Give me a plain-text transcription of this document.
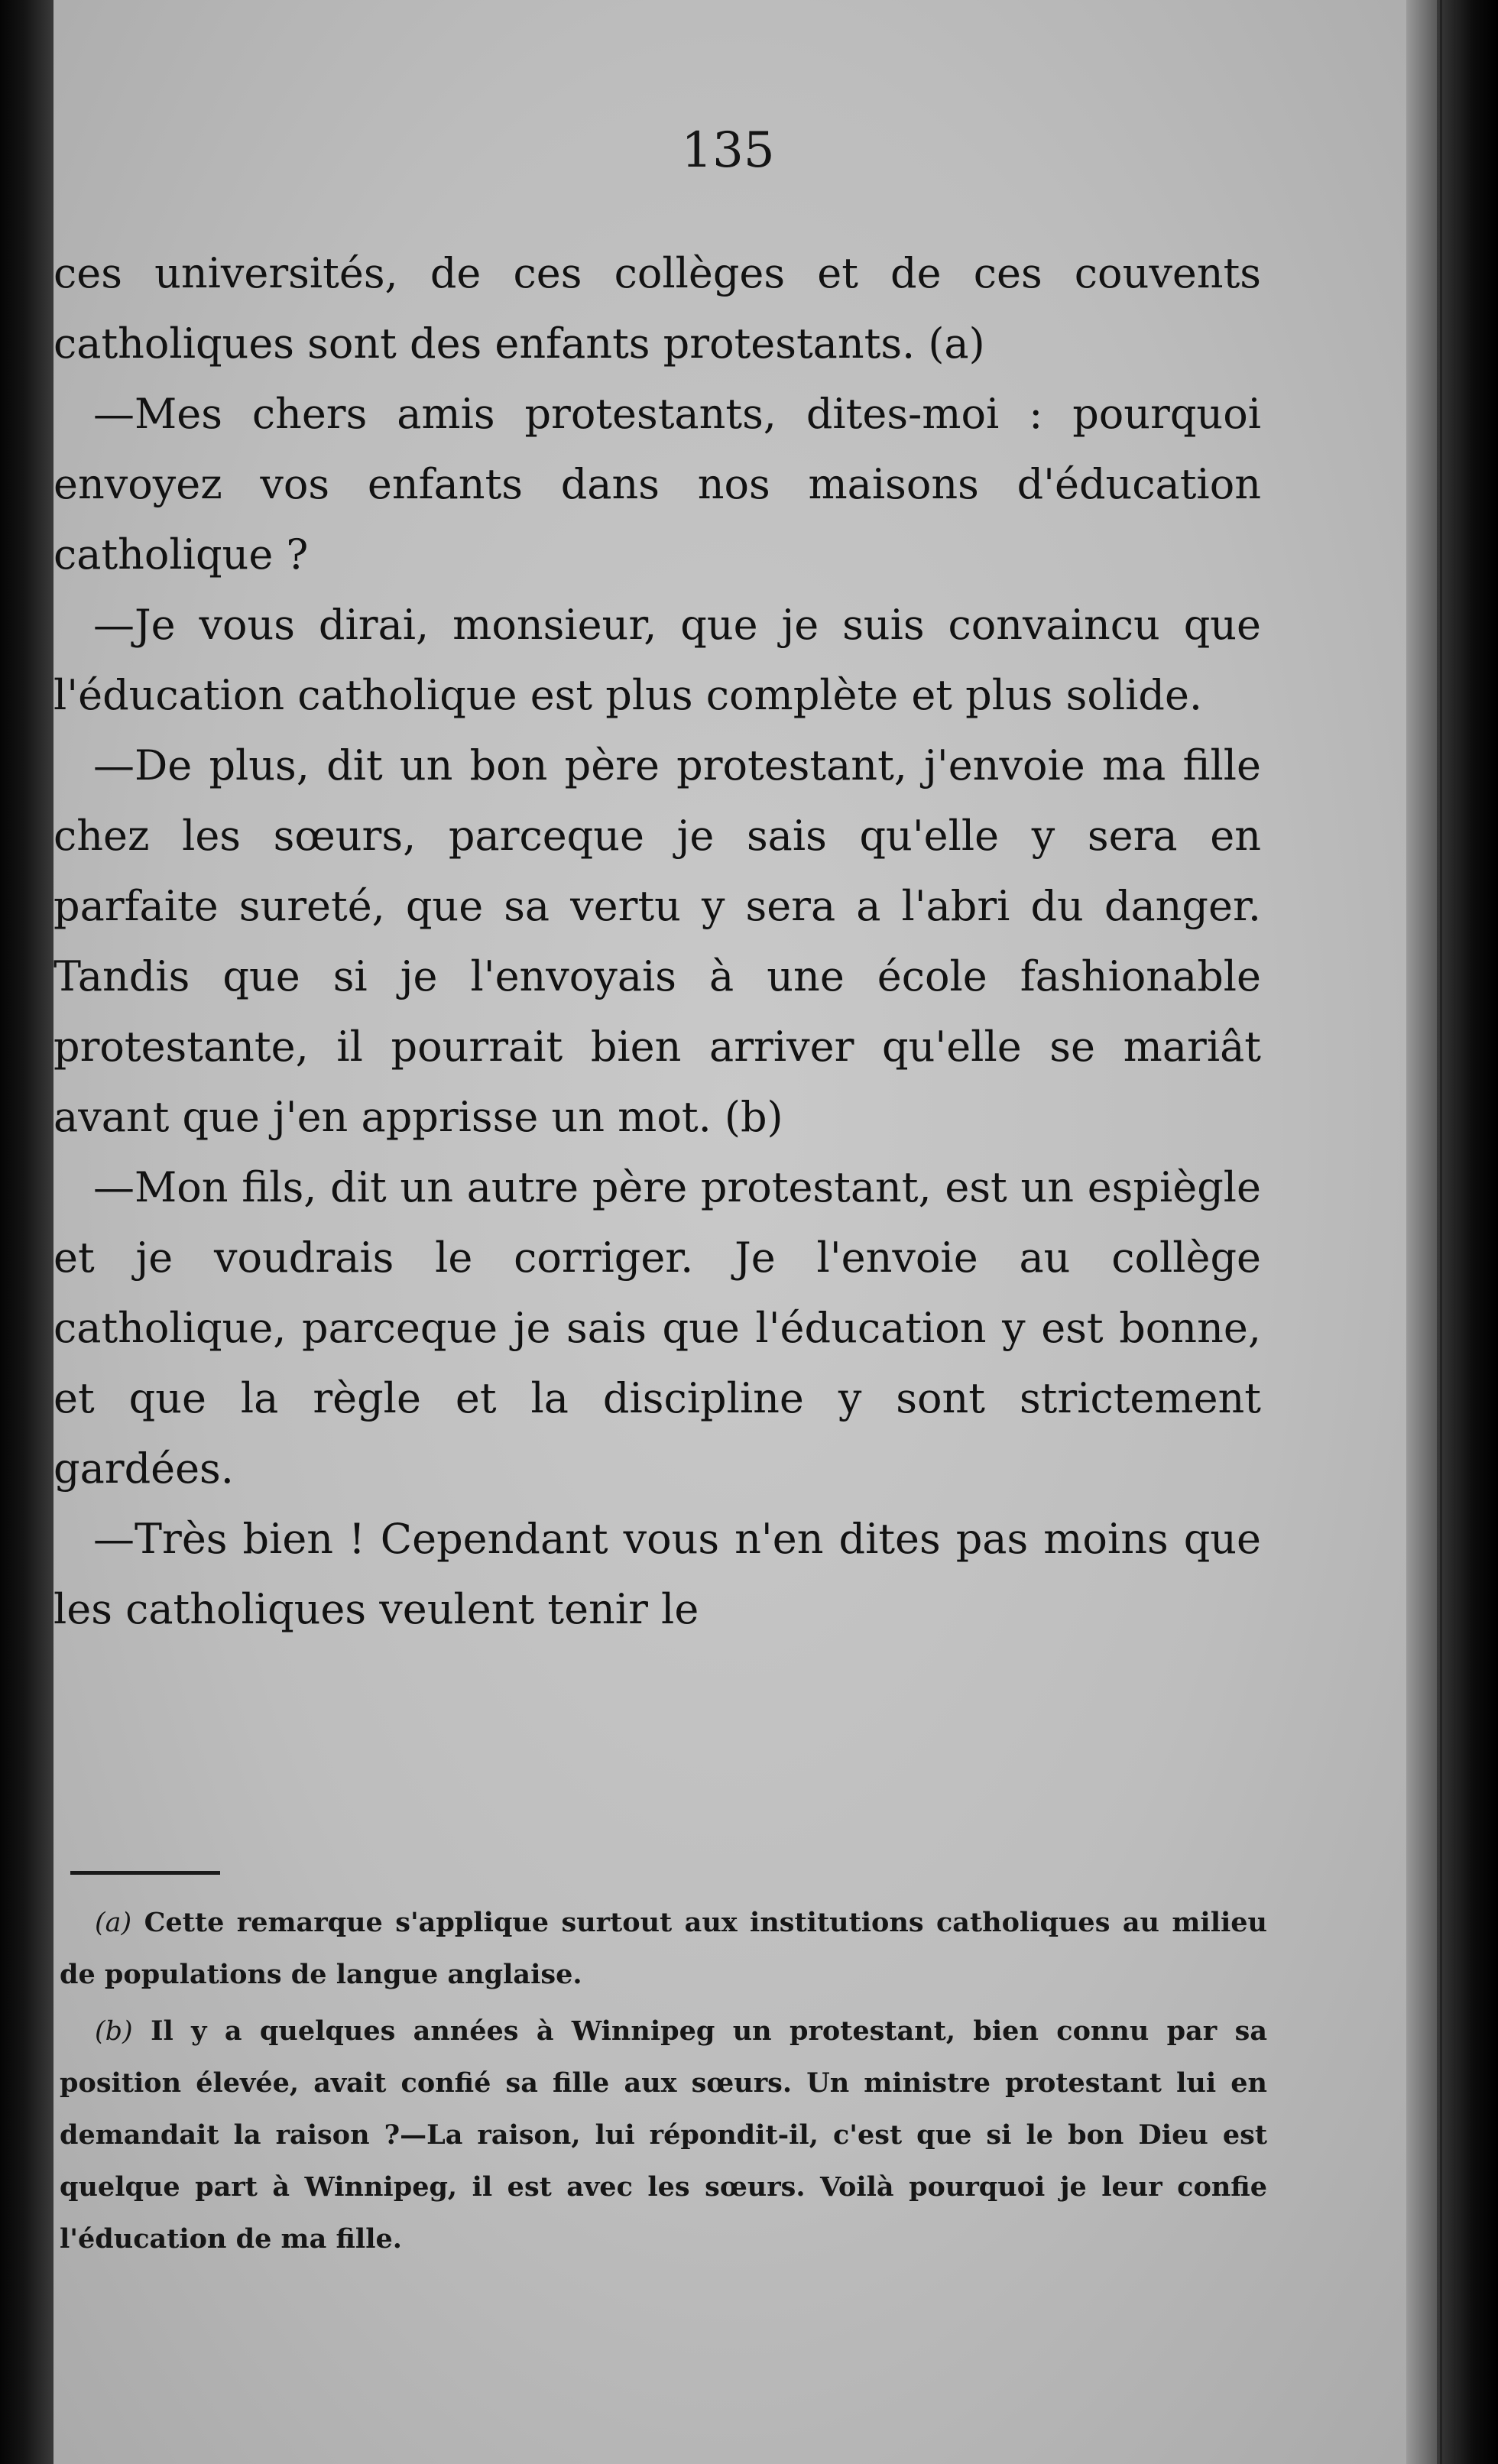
135

ces universités, de ces collèges et de ces couvents catholiques sont des enfants protestants. (a)

—Mes chers amis protestants, dites-moi : pourquoi envoyez vos enfants dans nos maisons d'éducation catholique ?

—Je vous dirai, monsieur, que je suis convaincu que l'éducation catholique est plus complète et plus solide.

—De plus, dit un bon père protestant, j'envoie ma fille chez les sœurs, parceque je sais qu'elle y sera en parfaite sureté, que sa vertu y sera a l'abri du danger. Tandis que si je l'envoyais à une école fashionable protestante, il pourrait bien arriver qu'elle se mariât avant que j'en apprisse un mot. (b)

—Mon fils, dit un autre père protestant, est un espiègle et je voudrais le corriger. Je l'envoie au collège catholique, parceque je sais que l'éducation y est bonne, et que la règle et la discipline y sont strictement gardées.

—Très bien ! Cependant vous n'en dites pas moins que les catholiques veulent tenir le

(a) Cette remarque s'applique surtout aux institutions catholiques au milieu de populations de langue anglaise.

(b) Il y a quelques années à Winnipeg un protestant, bien connu par sa position élevée, avait confié sa fille aux sœurs. Un ministre protestant lui en demandait la raison ?—La raison, lui répondit-il, c'est que si le bon Dieu est quelque part à Winnipeg, il est avec les sœurs. Voilà pourquoi je leur confie l'éducation de ma fille.
